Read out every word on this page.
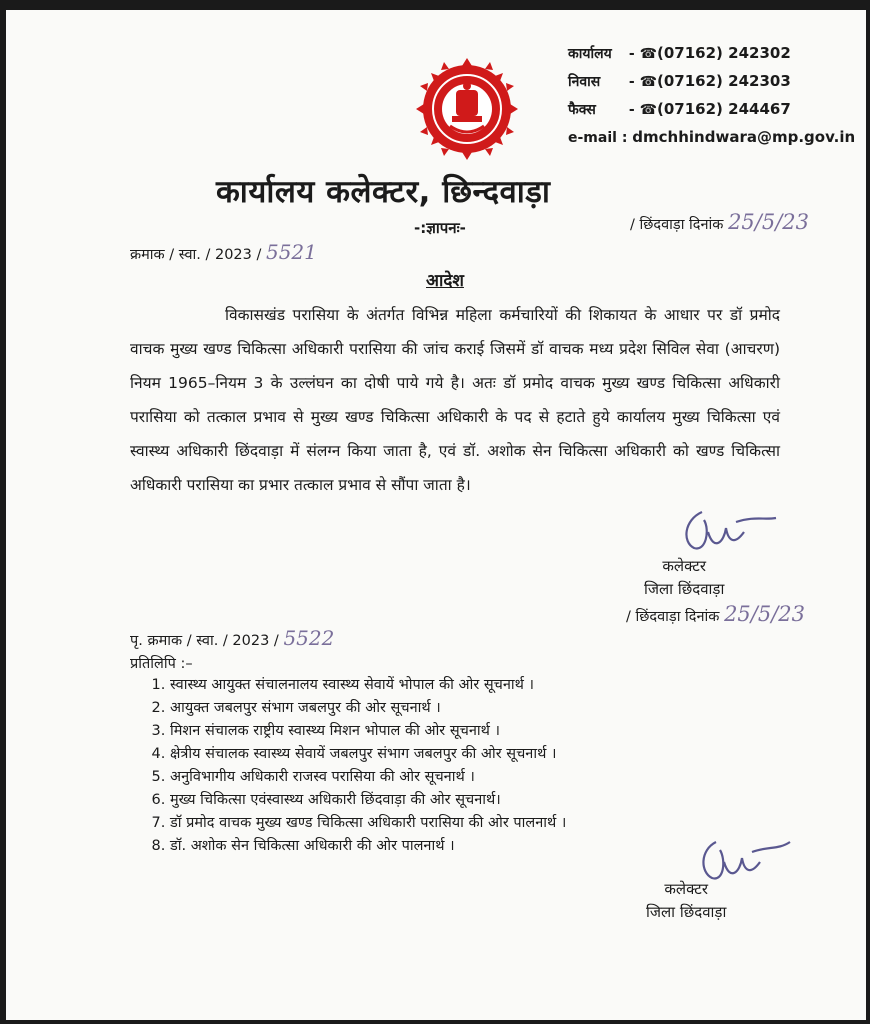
कार्यालय - ☎(07162) 242302
निवास - ☎(07162) 242303
फैक्स - ☎(07162) 244467
e-mail : dmchhindwara@mp.gov.in
कार्यालय कलेक्टर, छिन्दवाड़ा
-:ज्ञापनः-
क्रमाक / स्वा. / 2023 / 5521
/ छिंदवाड़ा दिनांक 25/5/23
आदेश
विकासखंड परासिया के अंतर्गत विभिन्न महिला कर्मचारियों की शिकायत के आधार पर डॉ प्रमोद वाचक मुख्य खण्ड चिकित्सा अधिकारी परासिया की जांच कराई जिसमें डॉ वाचक मध्य प्रदेश सिविल सेवा (आचरण) नियम 1965–नियम 3 के उल्लंघन का दोषी पाये गये है। अतः डॉ प्रमोद वाचक मुख्य खण्ड चिकित्सा अधिकारी परासिया को तत्काल प्रभाव से मुख्य खण्ड चिकित्सा अधिकारी के पद से हटाते हुये कार्यालय मुख्य चिकित्सा एवं स्वास्थ्य अधिकारी छिंदवाड़ा में संलग्न किया जाता है, एवं डॉ. अशोक सेन चिकित्सा अधिकारी को खण्ड चिकित्सा अधिकारी परासिया का प्रभार तत्काल प्रभाव से सौंपा जाता है।
कलेक्टर
जिला छिंदवाड़ा
/ छिंदवाड़ा दिनांक 25/5/23
पृ. क्रमाक / स्वा. / 2023 / 5522
प्रतिलिपि :–
1. स्वास्थ्य आयुक्त संचालनालय स्वास्थ्य सेवायें भोपाल की ओर सूचनार्थ ।
2. आयुक्त जबलपुर संभाग जबलपुर की ओर सूचनार्थ ।
3. मिशन संचालक राष्ट्रीय स्वास्थ्य मिशन भोपाल की ओर सूचनार्थ ।
4. क्षेत्रीय संचालक स्वास्थ्य सेवायें जबलपुर संभाग जबलपुर की ओर सूचनार्थ ।
5. अनुविभागीय अधिकारी राजस्व परासिया की ओर सूचनार्थ ।
6. मुख्य चिकित्सा एवंस्वास्थ्य अधिकारी छिंदवाड़ा की ओर सूचनार्थ।
7. डॉ प्रमोद वाचक मुख्य खण्ड चिकित्सा अधिकारी परासिया की ओर पालनार्थ ।
8. डॉ. अशोक सेन चिकित्सा अधिकारी की ओर पालनार्थ ।
कलेक्टर
जिला छिंदवाड़ा
